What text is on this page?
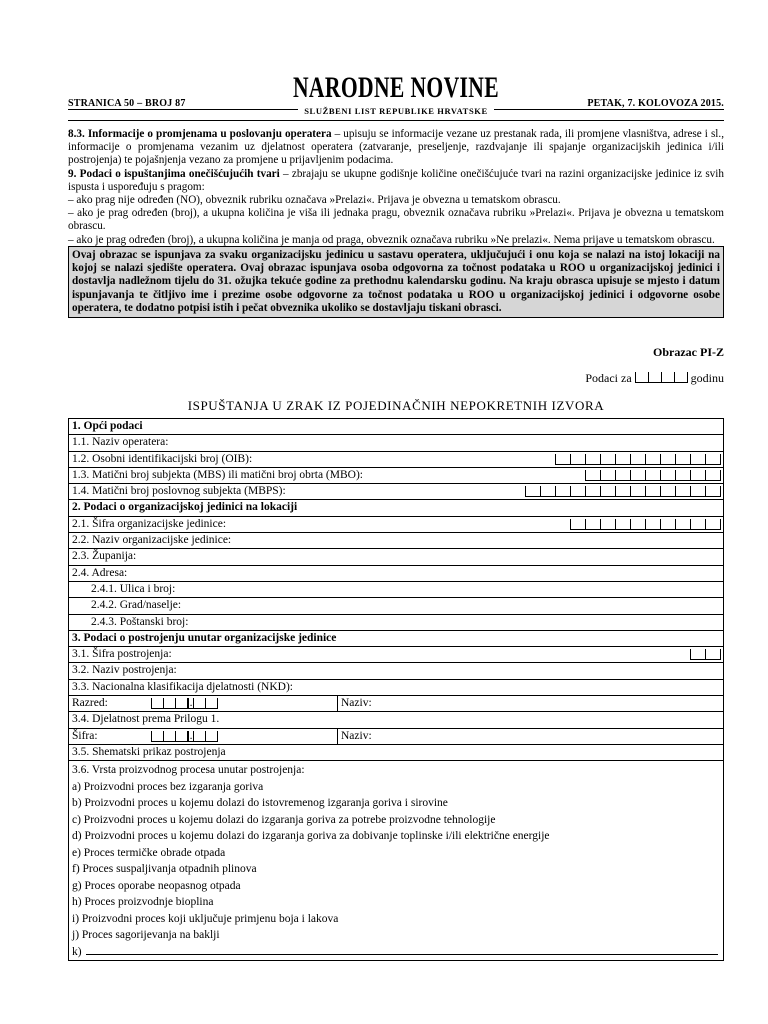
STRANICA 50 – BROJ 87	NARODNE NOVINE
SLUŽBENI LIST REPUBLIKE HRVATSKE
PETAK, 7. KOLOVOZA 2015.

8.3. Informacije o promjenama u poslovanju operatera – upisuju se informacije vezane uz prestanak rada, ili promjene vlasništva, adrese i sl., informacije o promjenama vezanim uz djelatnost operatera (zatvaranje, preseljenje, razdvajanje ili spajanje organizacijskih jedinica i/ili postrojenja) te pojašnjenja vezano za promjene u prijavljenim podacima.

9. Podaci o ispuštanjima onečišćujućih tvari – zbrajaju se ukupne godišnje količine onečišćujuće tvari na razini organizacijske jedinice iz svih ispusta i uspoređuju s pragom:

– ako prag nije određen (NO), obveznik rubriku označava »Prelazi«. Prijava je obvezna u tematskom obrascu.

– ako je prag određen (broj), a ukupna količina je viša ili jednaka pragu, obveznik označava rubriku »Prelazi«. Prijava je obvezna u tematskom obrascu.

– ako je prag određen (broj), a ukupna količina je manja od praga, obveznik označava rubriku »Ne prelazi«. Nema prijave u tematskom obrascu.

Ovaj obrazac se ispunjava za svaku organizacijsku jedinicu u sastavu operatera, uključujući i onu koja se nalazi na istoj lokaciji na kojoj se nalazi sjedište operatera. Ovaj obrazac ispunjava osoba odgovorna za točnost podataka u ROO u organizacijskoj jedinici i dostavlja nadležnom tijelu do 31. ožujka tekuće godine za prethodnu kalendarsku godinu. Na kraju obrasca upisuje se mjesto i datum ispunjavanja te čitljivo ime i prezime osobe odgovorne za točnost podataka u ROO u organizacijskoj jedinici i odgovorne osobe operatera, te dodatno potpisi istih i pečat obveznika ukoliko se dostavljaju tiskani obrasci.
Obrazac PI-Z
Podaci za	godinu
ISPUŠTANJA U ZRAK IZ POJEDINAČNIH NEPOKRETNIH IZVORA
1. Opći podaci
1.1. Naziv operatera:
1.2. Osobni identifikacijski broj (OIB):
1.3. Matični broj subjekta (MBS) ili matični broj obrta (MBO):
1.4. Matični broj poslovnog subjekta (MBPS):
2. Podaci o organizacijskoj jedinici na lokaciji
2.1. Šifra organizacijske jedinice:
2.2. Naziv organizacijske jedinice:
2.3. Županija:
2.4. Adresa:
2.4.1. Ulica i broj:
2.4.2. Grad/naselje:
2.4.3. Poštanski broj:
3. Podaci o postrojenju unutar organizacijske jedinice
3.1. Šifra postrojenja:
3.2. Naziv postrojenja:
3.3. Nacionalna klasifikacija djelatnosti (NKD):
Razred:	.	Naziv:
3.4. Djelatnost prema Prilogu 1.
Šifra:	.	Naziv:
3.5. Shematski prikaz postrojenja
3.6. Vrsta proizvodnog procesa unutar postrojenja:
a) Proizvodni proces bez izgaranja goriva
b) Proizvodni proces u kojemu dolazi do istovremenog izgaranja goriva i sirovine
c) Proizvodni proces u kojemu dolazi do izgaranja goriva za potrebe proizvodne tehnologije
d) Proizvodni proces u kojemu dolazi do izgaranja goriva za dobivanje toplinske i/ili električne energije
e) Proces termičke obrade otpada
f) Proces suspaljivanja otpadnih plinova
g) Proces oporabe neopasnog otpada
h) Proces proizvodnje bioplina
i) Proizvodni proces koji uključuje primjenu boja i lakova
j) Proces sagorijevanja na baklji
k)
